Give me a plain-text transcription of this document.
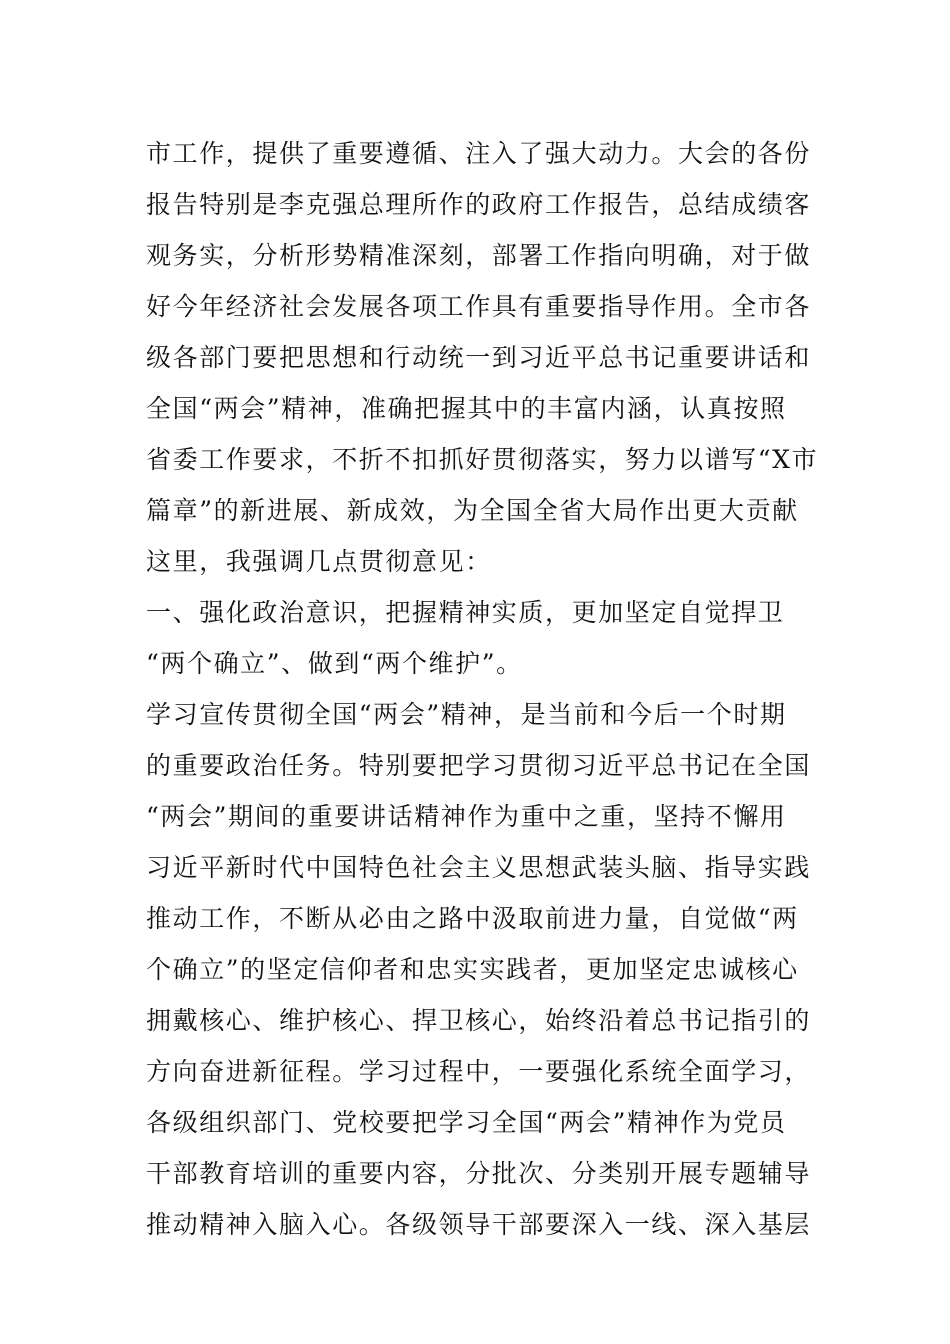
市工作，提供了重要遵循、注入了强大动力。大会的各份
报告特别是李克强总理所作的政府工作报告，总结成绩客
观务实，分析形势精准深刻，部署工作指向明确，对于做
好今年经济社会发展各项工作具有重要指导作用。全市各
级各部门要把思想和行动统一到习近平总书记重要讲话和
全国“两会”精神，准确把握其中的丰富内涵，认真按照
省委工作要求，不折不扣抓好贯彻落实，努力以谱写“X市
篇章”的新进展、新成效，为全国全省大局作出更大贡献
这里，我强调几点贯彻意见：
一、强化政治意识，把握精神实质，更加坚定自觉捍卫
“两个确立”、做到“两个维护”。
学习宣传贯彻全国“两会”精神，是当前和今后一个时期
的重要政治任务。特别要把学习贯彻习近平总书记在全国
“两会”期间的重要讲话精神作为重中之重，坚持不懈用
习近平新时代中国特色社会主义思想武装头脑、指导实践
推动工作，不断从必由之路中汲取前进力量，自觉做“两
个确立”的坚定信仰者和忠实实践者，更加坚定忠诚核心
拥戴核心、维护核心、捍卫核心，始终沿着总书记指引的
方向奋进新征程。学习过程中，一要强化系统全面学习，
各级组织部门、党校要把学习全国“两会”精神作为党员
干部教育培训的重要内容，分批次、分类别开展专题辅导
推动精神入脑入心。各级领导干部要深入一线、深入基层
